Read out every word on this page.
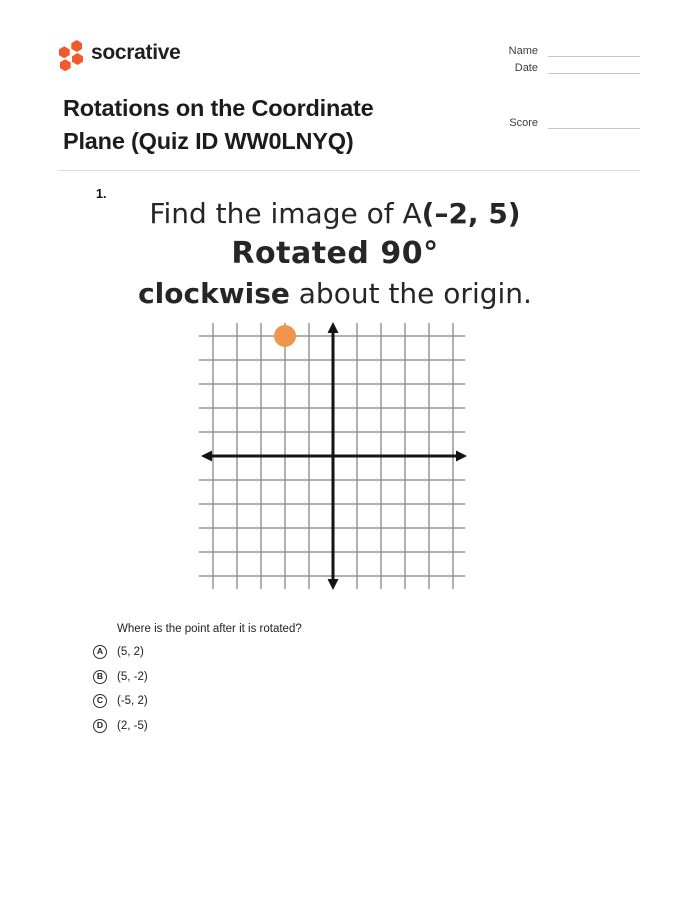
socrative	Name
Date
Score
Rotations on the Coordinate
Plane (Quiz ID WW0LNYQ)
1.
Find the image of A(–2, 5)
Rotated 90°
clockwise about the origin.
Where is the point after it is rotated?
A	(5, 2)
B	(5, -2)
C	(-5, 2)
D	(2, -5)
